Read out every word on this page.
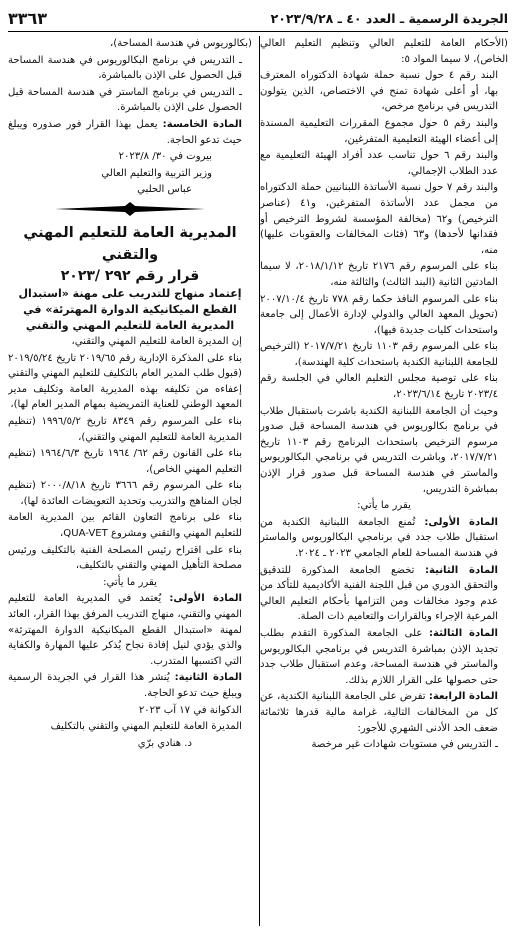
الجريدة الرسمية ـ العدد ٤٠ ـ ٢٠٢٣/٩/٢٨
٣٣٦٣

(الأحكام العامة للتعليم العالي وتنظيم التعليم العالي الخاص)، لا سيما المواد ٥:

البند رقم ٤ حول نسبة حملة شهادة الدكتوراه المعترف بها، أو أعلى شهادة تمنح في الاختصاص، الذين يتولون التدريس في برنامج مرخص،

والبند رقم ٥ حول مجموع المقررات التعليمية المسندة إلى أعضاء الهيئة التعليمية المتفرغين،

والبند رقم ٦ حول تناسب عدد أفراد الهيئة التعليمية مع عدد الطلاب الإجمالي،

والبند رقم ٧ حول نسبة الأساتذة اللبنانيين حملة الدكتوراه من مجمل عدد الأساتذة المتفرغين، و٤١ (عناصر الترخيص) و٦٢ (مخالفة المؤسسة لشروط الترخيص أو فقدانها لأحدها) و٦٣ (فئات المخالفات والعقوبات عليها) منه،

بناء على المرسوم رقم ٢١٧٦ تاريخ ٢٠١٨/١/١٢، لا سيما المادتين الثانية (البند الثالث) والثالثة منه،

بناء على المرسوم النافذ حكما رقم ٧٧٨ تاريخ ٢٠٠٧/١٠/٤ (تحويل المعهد العالي والدولي لإدارة الأعمال إلى جامعة واستحداث كليات جديدة فيها)،

بناء على المرسوم رقم ١١٠٣ تاريخ ٢٠١٧/٧/٢١ (الترخيص للجامعة اللبنانية الكندية باستحداث كلية الهندسة)،

بناء على توصية مجلس التعليم العالي في الجلسة رقم ٢٠٢٣/٤ تاريخ ٢٠٢٣/٦/١٤،

وحيث أن الجامعة اللبنانية الكندية باشرت باستقبال طلاب في برنامج بكالوريوس في هندسة المساحة قبل صدور مرسوم الترخيص باستحداث البرنامج رقم ١١٠٣ تاريخ ٢٠١٧/٧/٢١، وباشرت التدريس في برنامجي البكالوريوس والماستر في هندسة المساحة قبل صدور قرار الإذن بمباشرة التدريس،

يقرر ما يأتي:

المادة الأولى: تُمنع الجامعة اللبنانية الكندية من استقبال طلاب جدد في برنامجي البكالوريوس والماستر في هندسة المساحة للعام الجامعي ٢٠٢٣ ـ ٢٠٢٤.

المادة الثانية: تخضع الجامعة المذكورة للتدقيق والتحقق الدوري من قبل اللجنة الفنية الأكاديمية للتأكد من عدم وجود مخالفات ومن التزامها بأحكام التعليم العالي المرعية الإجراء وبالقرارات والتعاميم ذات الصلة.

المادة الثالثة: على الجامعة المذكورة التقدم بطلب تجديد الإذن بمباشرة التدريس في برنامجي البكالوريوس والماستر في هندسة المساحة، وعدم استقبال طلاب جدد حتى حصولها على القرار اللازم بذلك.

المادة الرابعة: تفرض على الجامعة اللبنانية الكندية، عن كل من المخالفات التالية، غرامة مالية قدرها ثلاثمائة ضعف الحد الأدنى الشهري للأجور:

ـ التدريس في مستويات شهادات غير مرخصة

(بكالوريوس في هندسة المساحة)،

ـ التدريس في برنامج البكالوريوس في هندسة المساحة قبل الحصول على الإذن بالمباشرة،

ـ التدريس في برنامج الماستر في هندسة المساحة قبل الحصول على الإذن بالمباشرة.

المادة الخامسة: يعمل بهذا القرار فور صدوره ويبلغ حيث تدعو الحاجة.

بيروت في ٣٠/ ٢٠٢٣/٨

وزير التربية والتعليم العالي

عباس الحلبي

المديرية العامة للتعليم المهني والتقني
قرار رقم ٢٩٢ /٢٠٢٣
إعتماد منهاج للتدريب على مهنة «استبدال القطع الميكانيكية الدوارة المهترئة» في المديرية العامة للتعليم المهني والتقني

إن المديرة العامة للتعليم المهني والتقني،

بناء على المذكرة الإدارية رقم ٢٠١٩/٦٥ تاريخ ٢٠١٩/٥/٢٤ (قبول طلب المدير العام بالتكليف للتعليم المهني والتقني إعفاءه من تكليفه بهذه المديرية العامة وتكليف مدير المعهد الوطني للعناية التمريضية بمهام المدير العام لها)،

بناء على المرسوم رقم ٨٣٤٩ تاريخ ١٩٩٦/٥/٢ (تنظيم المديرية العامة للتعليم المهني والتقني)،

بناء على القانون رقم ٦٢/ ١٩٦٤ تاريخ ١٩٦٤/٦/٣ (تنظيم التعليم المهني الخاص)،

بناء على المرسوم رقم ٣٦٦٦ تاريخ ٢٠٠٠/٨/١٨ (تنظيم لجان المناهج والتدريب وتحديد التعويضات العائدة لها)،

بناء على برنامج التعاون القائم بين المديرية العامة للتعليم المهني والتقني ومشروع QUA-VET،

بناء على اقتراح رئيس المصلحة الفنية بالتكليف ورئيس مصلحة التأهيل المهني والتقني بالتكليف،

يقرر ما يأتي:

المادة الأولى: يُعتمد في المديرية العامة للتعليم المهني والتقني، منهاج التدريب المرفق بهذا القرار، العائد لمهنة «استبدال القطع الميكانيكية الدوارة المهترئة» والذي يؤدي لنيل إفادة نجاح يُذكر عليها المهارة والكفاية التي اكتسبها المتدرب.

المادة الثانية: يُنشر هذا القرار في الجريدة الرسمية ويبلغ حيث تدعو الحاجة.

الدكوانة في ١٧ آب ٢٠٢٣

المديرة العامة للتعليم المهني والتقني بالتكليف

د. هنادي برّي
